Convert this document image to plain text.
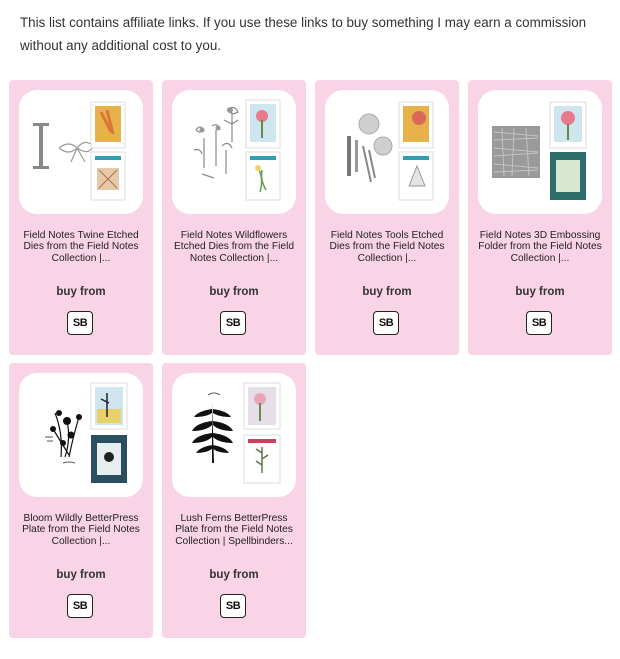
This list contains affiliate links. If you use these links to buy something I may earn a commission without any additional cost to you.
Field Notes Twine Etched Dies from the Field Notes Collection |...
buy from
SB
Field Notes Wildflowers Etched Dies from the Field Notes Collection |...
buy from
SB
Field Notes Tools Etched Dies from the Field Notes Collection |...
buy from
SB
Field Notes 3D Embossing Folder from the Field Notes Collection |...
buy from
SB
Bloom Wildly BetterPress Plate from the Field Notes Collection |...
buy from
SB
Lush Ferns BetterPress Plate from the Field Notes Collection | Spellbinders...
buy from
SB
